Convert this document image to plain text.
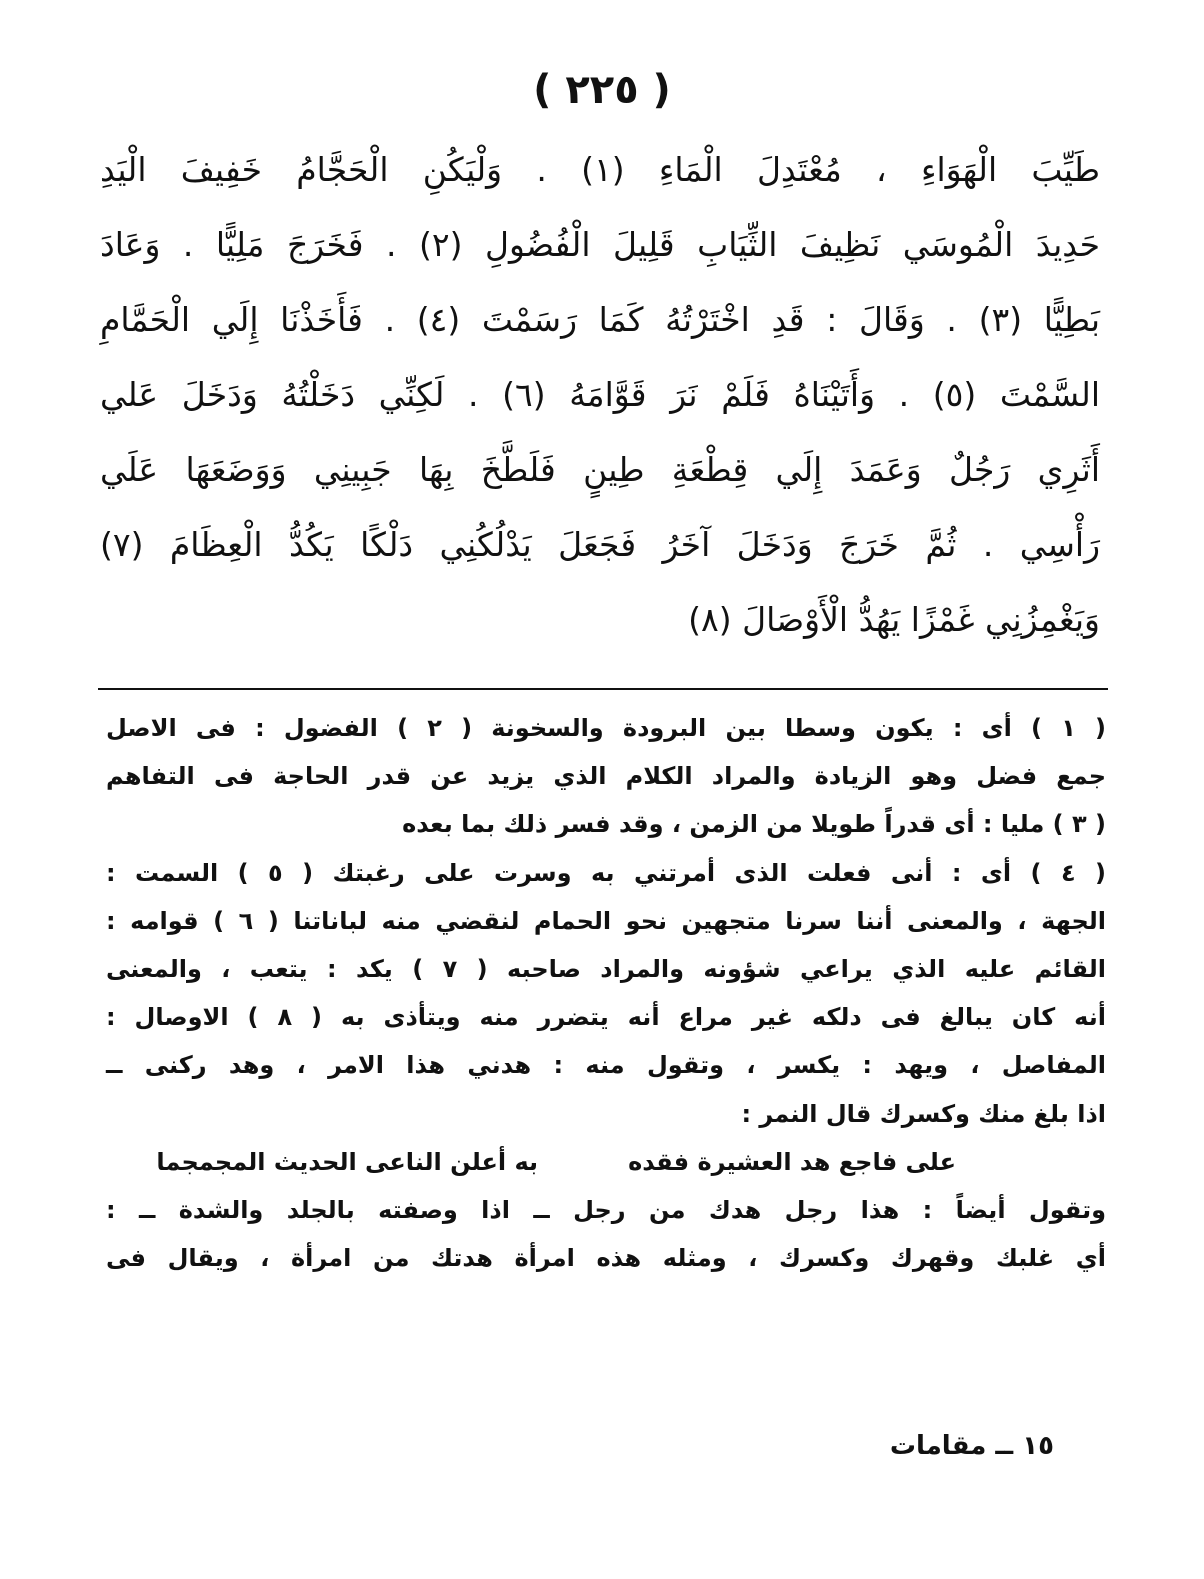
( ٢٢٥ )
طَيِّبَ الْهَوَاءِ ، مُعْتَدِلَ الْمَاءِ (١) . وَلْيَكُنِ الْحَجَّامُ خَفِيفَ الْيَدِ
حَدِيدَ الْمُوسَي نَظِيفَ الثِّيَابِ قَلِيلَ الْفُضُولِ (٢) . فَخَرَجَ مَلِيًّا . وَعَادَ
بَطِيًّا (٣) . وَقَالَ : قَدِ اخْتَرْتُهُ كَمَا رَسَمْتَ (٤) . فَأَخَذْنَا إِلَي الْحَمَّامِ
السَّمْتَ (٥) . وَأَتَيْنَاهُ فَلَمْ نَرَ قَوَّامَهُ (٦) . لَكِنِّي دَخَلْتُهُ وَدَخَلَ عَلي
أَثَرِي رَجُلٌ وَعَمَدَ إِلَي قِطْعَةِ طِينٍ فَلَطَّخَ بِهَا جَبِينِي وَوَضَعَهَا عَلَي
رَأْسِي . ثُمَّ خَرَجَ وَدَخَلَ آخَرُ فَجَعَلَ يَدْلُكُنِي دَلْكًا يَكُدُّ الْعِظَامَ (٧)
وَيَغْمِزُنِي غَمْزًا يَهُدُّ الْأَوْصَالَ (٨)
( ١ ) أى : يكون وسطا بين البرودة والسخونة ( ٢ ) الفضول : فى الاصل
جمع فضل وهو الزيادة والمراد الكلام الذي يزيد عن قدر الحاجة فى التفاهم
( ٣ ) مليا : أى قدراً طويلا من الزمن ، وقد فسر ذلك بما بعده
( ٤ ) أى : أنى فعلت الذى أمرتني به وسرت على رغبتك ( ٥ ) السمت :
الجهة ، والمعنى أننا سرنا متجهين نحو الحمام لنقضي منه لباناتنا ( ٦ ) قوامه :
القائم عليه الذي يراعي شؤونه والمراد صاحبه ( ٧ ) يكد : يتعب ، والمعنى
أنه كان يبالغ فى دلكه غير مراع أنه يتضرر منه ويتأذى به ( ٨ ) الاوصال :
المفاصل ، ويهد : يكسر ، وتقول منه : هدني هذا الامر ، وهد ركنى ــ
اذا بلغ منك وكسرك قال النمر :
على فاجع هد العشيرة فقده
به أعلن الناعى الحديث المجمجما
وتقول أيضاً : هذا رجل هدك من رجل ــ اذا وصفته بالجلد والشدة ــ :
أي غلبك وقهرك وكسرك ، ومثله هذه امرأة هدتك من امرأة ، ويقال فى
١٥ ــ مقامات
